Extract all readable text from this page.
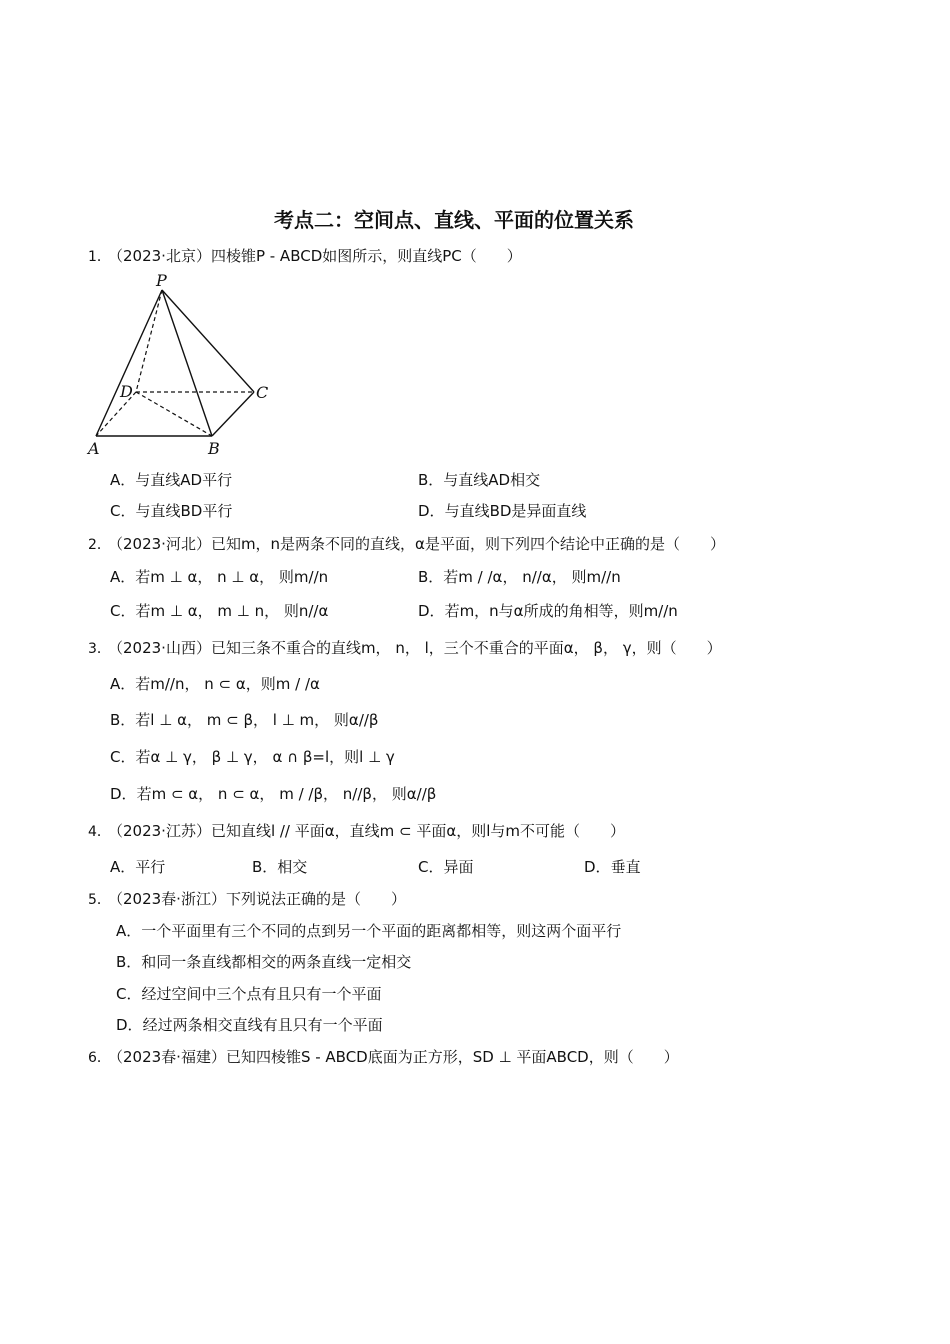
考点二：空间点、直线、平面的位置关系
1．
（2023·北京）四棱锥P - ABCD如图所示，则直线PC（　　）
P
D	C
A	B
A．与直线AD平行	B．与直线AD相交
C．与直线BD平行	D．与直线BD是异面直线
2．
（2023·河北）已知m，n是两条不同的直线，α是平面，则下列四个结论中正确的是（　　）
A．若m ⊥ α， n ⊥ α， 则m//n	B．若m / /α， n//α， 则m//n
C．若m ⊥ α， m ⊥ n， 则n//α	D．若m，n与α所成的角相等，则m//n
3．
（2023·山西）已知三条不重合的直线m， n， l，三个不重合的平面α， β， γ，则（　　）
A．若m//n， n ⊂ α，则m / /α
B．若l ⊥ α， m ⊂ β， l ⊥ m， 则α//β
C．若α ⊥ γ， β ⊥ γ， α ∩ β=l，则l ⊥ γ
D．若m ⊂ α， n ⊂ α， m / /β， n//β， 则α//β
4．
（2023·江苏）已知直线l // 平面α，直线m ⊂ 平面α，则l与m不可能（　　）
A．平行	B．相交	C．异面	D．垂直
5．
（2023春·浙江）下列说法正确的是（　　）
A．一个平面里有三个不同的点到另一个平面的距离都相等，则这两个面平行
B．和同一条直线都相交的两条直线一定相交
C．经过空间中三个点有且只有一个平面
D．经过两条相交直线有且只有一个平面
6．
（2023春·福建）已知四棱锥S - ABCD底面为正方形，SD ⊥ 平面ABCD，则（　　）
